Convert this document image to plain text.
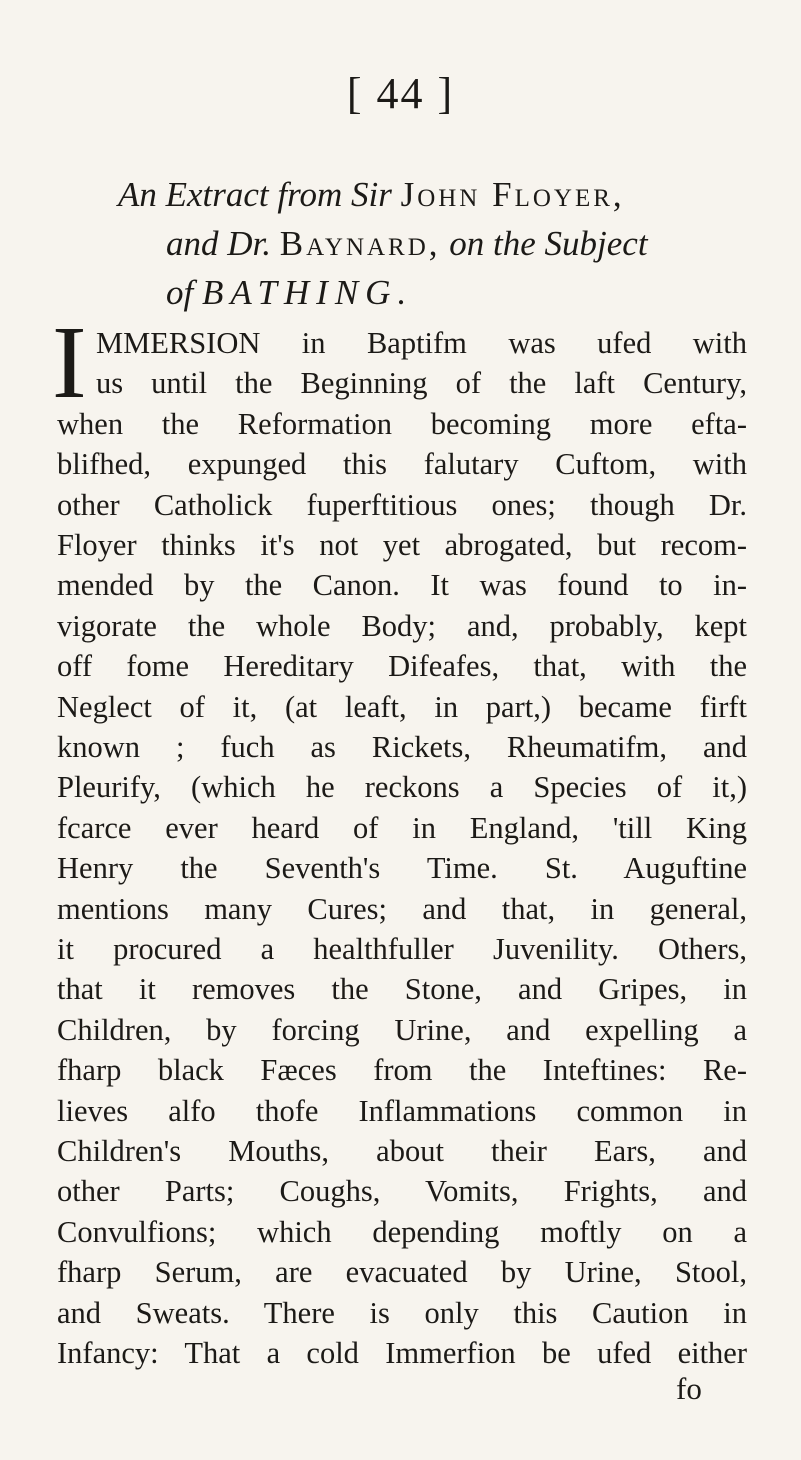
[ 44 ]
An Extract from Sir John Floyer,
and Dr. Baynard, on the Subject
of BATHING.
I MMERSION in Baptifm was ufed with
us until the Beginning of the laft Century,
when the Reformation becoming more efta-
blifhed, expunged this falutary Cuftom, with
other Catholick fuperftitious ones; though Dr.
Floyer thinks it's not yet abrogated, but recom-
mended by the Canon. It was found to in-
vigorate the whole Body; and, probably, kept
off fome Hereditary Difeafes, that, with the
Neglect of it, (at leaft, in part,) became firft
known ; fuch as Rickets, Rheumatifm, and
Pleurify, (which he reckons a Species of it,)
fcarce ever heard of in England, 'till King
Henry the Seventh's Time. St. Auguftine
mentions many Cures; and that, in general,
it procured a healthfuller Juvenility. Others,
that it removes the Stone, and Gripes, in
Children, by forcing Urine, and expelling a
fharp black Fæces from the Inteftines: Re-
lieves alfo thofe Inflammations common in
Children's Mouths, about their Ears, and
other Parts; Coughs, Vomits, Frights, and
Convulfions; which depending moftly on a
fharp Serum, are evacuated by Urine, Stool,
and Sweats. There is only this Caution in
Infancy: That a cold Immerfion be ufed either
fo
